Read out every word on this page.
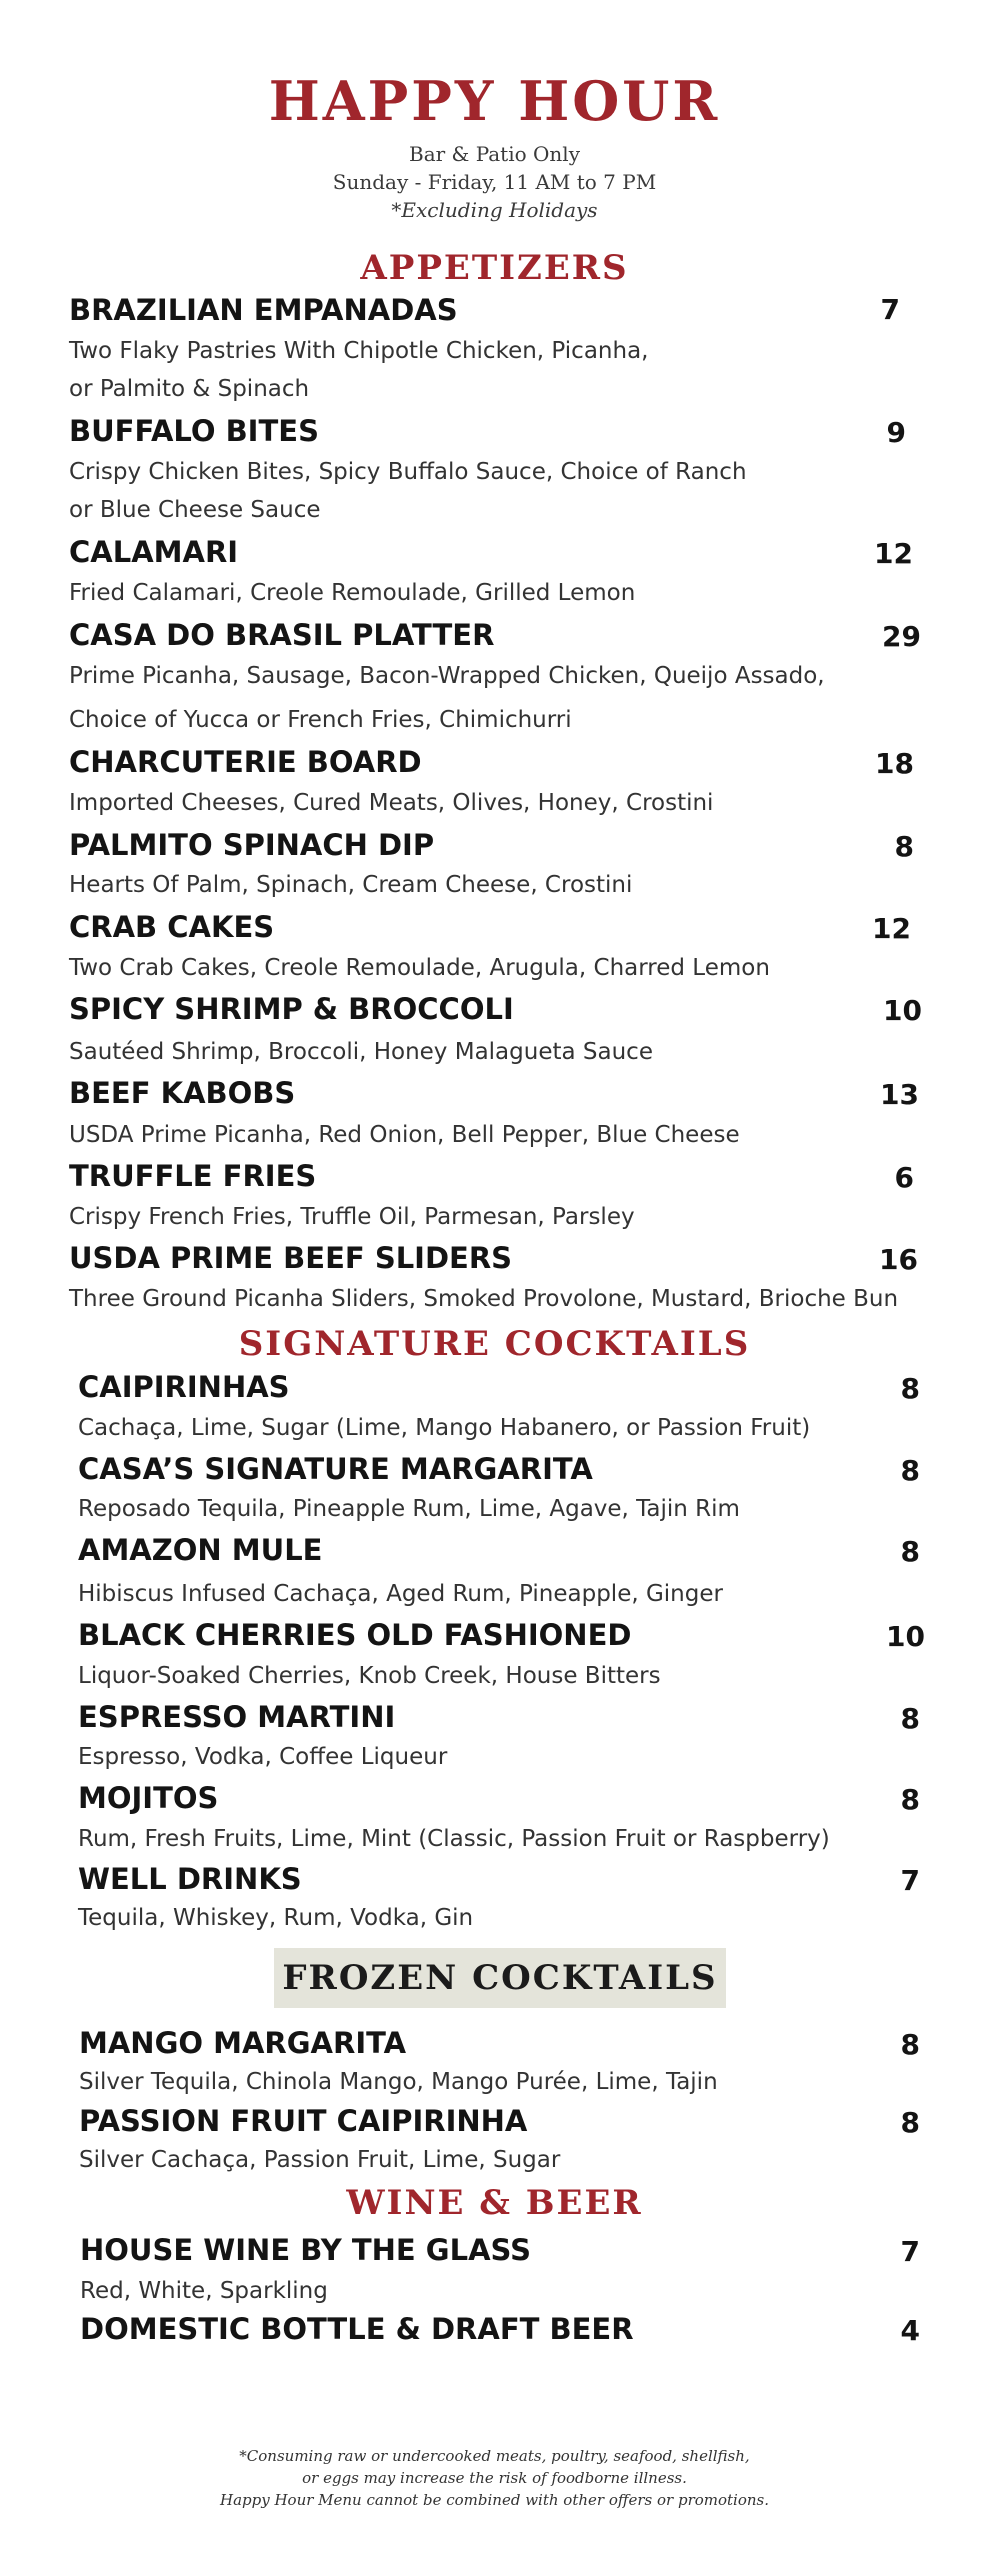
HAPPY HOUR
Bar & Patio Only
Sunday - Friday, 11 AM to 7 PM
*Excluding Holidays
APPETIZERS
BRAZILIAN EMPANADAS	7
Two Flaky Pastries With Chipotle Chicken, Picanha,
or Palmito & Spinach
BUFFALO BITES	9
Crispy Chicken Bites, Spicy Buffalo Sauce, Choice of Ranch
or Blue Cheese Sauce
CALAMARI	12
Fried Calamari, Creole Remoulade, Grilled Lemon
CASA DO BRASIL PLATTER	29
Prime Picanha, Sausage, Bacon-Wrapped Chicken, Queijo Assado,
Choice of Yucca or French Fries, Chimichurri
CHARCUTERIE BOARD	18
Imported Cheeses, Cured Meats, Olives, Honey, Crostini
PALMITO SPINACH DIP	8
Hearts Of Palm, Spinach, Cream Cheese, Crostini
CRAB CAKES	12
Two Crab Cakes, Creole Remoulade, Arugula, Charred Lemon
SPICY SHRIMP & BROCCOLI	10
Sautéed Shrimp, Broccoli, Honey Malagueta Sauce
BEEF KABOBS	13
USDA Prime Picanha, Red Onion, Bell Pepper, Blue Cheese
TRUFFLE FRIES	6
Crispy French Fries, Truffle Oil, Parmesan, Parsley
USDA PRIME BEEF SLIDERS	16
Three Ground Picanha Sliders, Smoked Provolone, Mustard, Brioche Bun
SIGNATURE COCKTAILS
CAIPIRINHAS	8
Cachaça, Lime, Sugar (Lime, Mango Habanero, or Passion Fruit)
CASA’S SIGNATURE MARGARITA	8
Reposado Tequila, Pineapple Rum, Lime, Agave, Tajin Rim
AMAZON MULE	8
Hibiscus Infused Cachaça, Aged Rum, Pineapple, Ginger
BLACK CHERRIES OLD FASHIONED	10
Liquor-Soaked Cherries, Knob Creek, House Bitters
ESPRESSO MARTINI	8
Espresso, Vodka, Coffee Liqueur
MOJITOS	8
Rum, Fresh Fruits, Lime, Mint (Classic, Passion Fruit or Raspberry)
WELL DRINKS	7
Tequila, Whiskey, Rum, Vodka, Gin
FROZEN COCKTAILS
MANGO MARGARITA	8
Silver Tequila, Chinola Mango, Mango Purée, Lime, Tajin
PASSION FRUIT CAIPIRINHA	8
Silver Cachaça, Passion Fruit, Lime, Sugar
WINE & BEER
HOUSE WINE BY THE GLASS	7
Red, White, Sparkling
DOMESTIC BOTTLE & DRAFT BEER	4
*Consuming raw or undercooked meats, poultry, seafood, shellfish,
or eggs may increase the risk of foodborne illness.
Happy Hour Menu cannot be combined with other offers or promotions.
